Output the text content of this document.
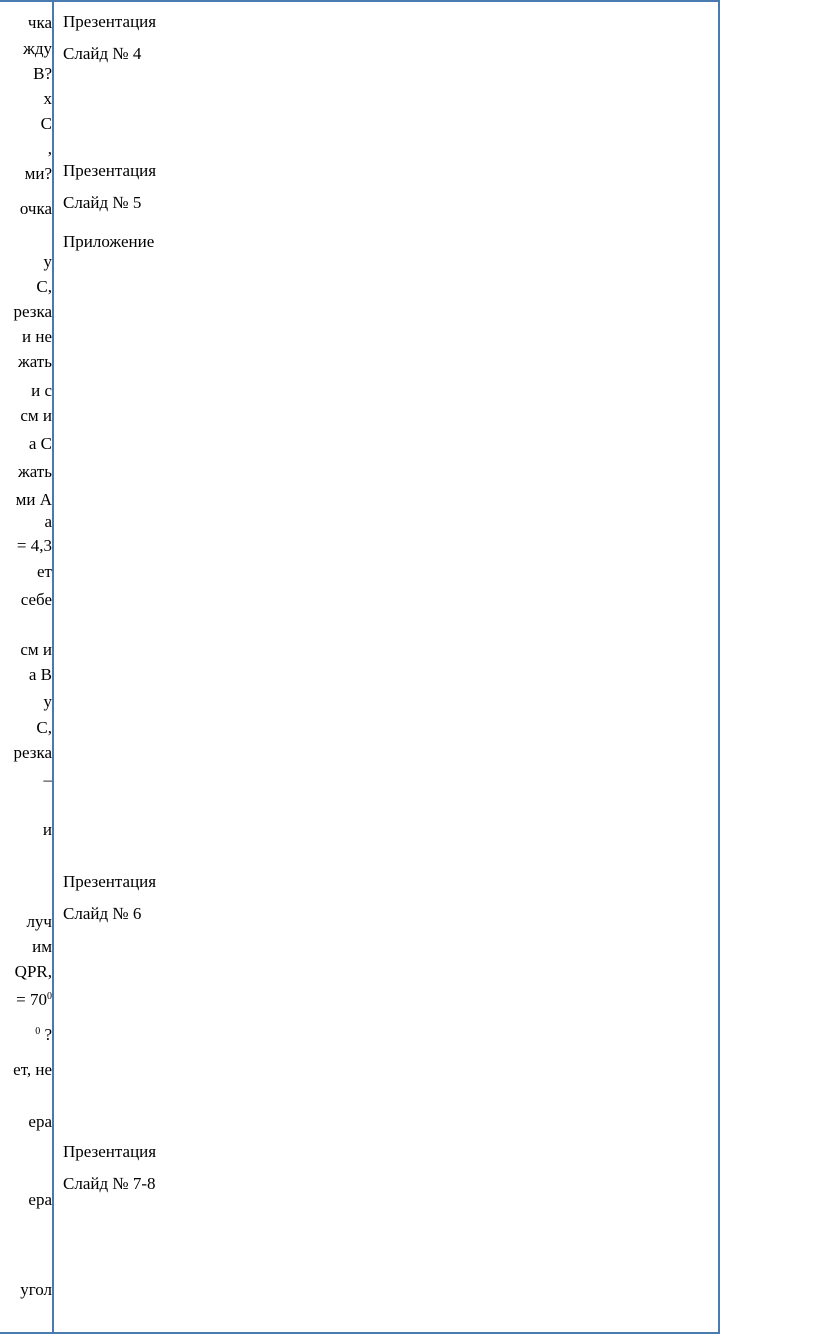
чка
жду
В?
х
С
,
ми?
очка
у
С,
резка
и не
жать
и с
см и
а С
жать
ми А
а
= 4,3
ет
себе
см и
а В
у
С,
резка
–
и
луч
им
QPR,
= $70^0$
$^0$ ?
ет, не
ера
ера
угол
Презентация
Слайд № 4
Презентация
Слайд № 5
Приложение
Презентация
Слайд № 6
Презентация
Слайд № 7-8
